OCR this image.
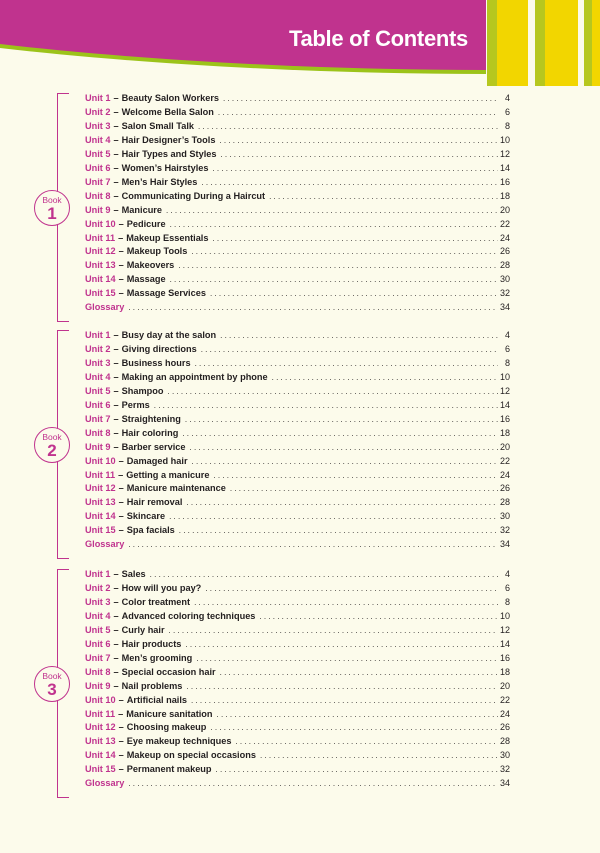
Table of Contents
Book
1
Unit 1 – Beauty Salon Workers . . .	4
Unit 2 – Welcome Bella Salon . . .	6
Unit 3 – Salon Small Talk . . .	8
Unit 4 – Hair Designer’s Tools . . .	10
Unit 5 – Hair Types and Styles . . .	12
Unit 6 – Women’s Hairstyles . . .	14
Unit 7 – Men’s Hair Styles . . .	16
Unit 8 – Communicating During a Haircut . . .	18
Unit 9 – Manicure . . .	20
Unit 10 – Pedicure . . .	22
Unit 11 – Makeup Essentials . . .	24
Unit 12 – Makeup Tools . . .	26
Unit 13 – Makeovers . . .	28
Unit 14 – Massage . . .	30
Unit 15 – Massage Services . . .	32
Glossary . . .	34
Book
2
Unit 1 – Busy day at the salon . . .	4
Unit 2 – Giving directions . . .	6
Unit 3 – Business hours . . .	8
Unit 4 – Making an appointment by phone . . .	10
Unit 5 – Shampoo . . .	12
Unit 6 – Perms . . .	14
Unit 7 – Straightening . . .	16
Unit 8 – Hair coloring . . .	18
Unit 9 – Barber service . . .	20
Unit 10 – Damaged hair . . .	22
Unit 11 – Getting a manicure . . .	24
Unit 12 – Manicure maintenance . . .	26
Unit 13 – Hair removal . . .	28
Unit 14 – Skincare . . .	30
Unit 15 – Spa facials . . .	32
Glossary . . .	34
Book
3
Unit 1 – Sales . . .	4
Unit 2 – How will you pay? . . .	6
Unit 3 – Color treatment . . .	8
Unit 4 – Advanced coloring techniques . . .	10
Unit 5 – Curly hair . . .	12
Unit 6 – Hair products . . .	14
Unit 7 – Men’s grooming . . .	16
Unit 8 – Special occasion hair . . .	18
Unit 9 – Nail problems . . .	20
Unit 10 – Artificial nails . . .	22
Unit 11 – Manicure sanitation . . .	24
Unit 12 – Choosing makeup . . .	26
Unit 13 – Eye makeup techniques . . .	28
Unit 14 – Makeup on special occasions . . .	30
Unit 15 – Permanent makeup . . .	32
Glossary . . .	34
